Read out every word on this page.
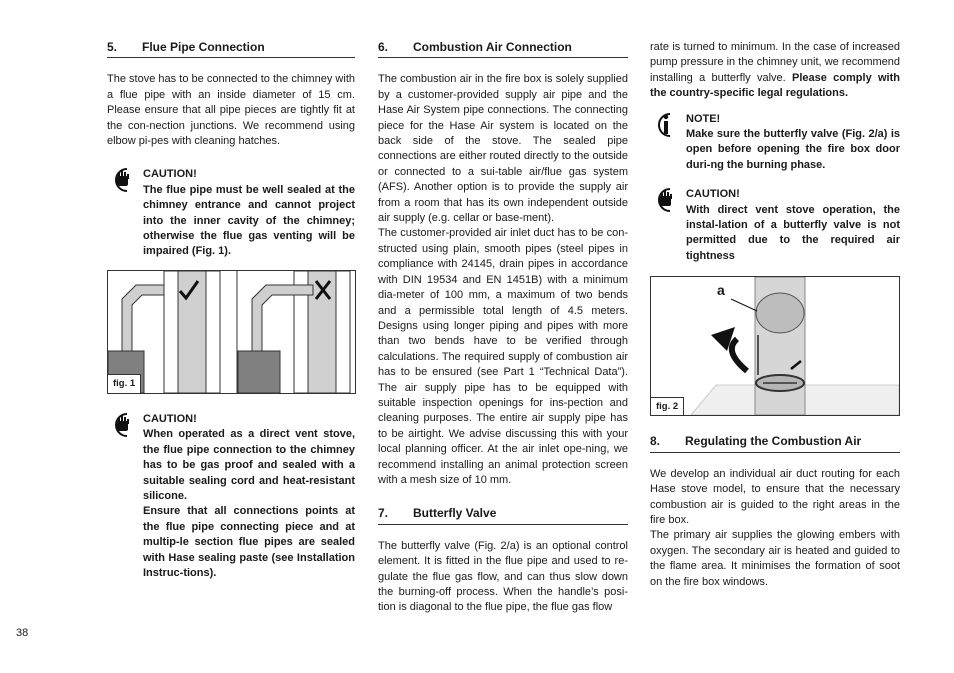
5.	Flue Pipe Connection

The stove has to be connected to the chimney with a flue pipe with an inside diameter of 15 cm. Please ensure that all pipe pieces are tightly fit at the con-nection junctions. We recommend using elbow pi-pes with cleaning hatches.

CAUTION!

The flue pipe must be well sealed at the chimney entrance and cannot project into the inner cavity of the chimney; otherwise the flue gas venting will be impaired (Fig. 1).

fig. 1
CAUTION!

When operated as a direct vent stove, the flue pipe connection to the chimney has to be gas proof and sealed with a suitable sealing cord and heat-resistant silicone.

Ensure that all connections points at the flue pipe connecting piece and at multip-le section flue pipes are sealed with Hase sealing paste (see Installation Instruc-tions).

6.	Combustion Air Connection

The combustion air in the fire box is solely supplied by a customer-provided supply air pipe and the Hase Air System pipe connections. The connecting piece for the Hase Air system is located on the back side of the stove. The sealed pipe connections are either routed directly to the outside or connected to a sui-table air/flue gas system (AFS). Another option is to provide the supply air from a room that has its own independent outside air supply (e.g. cellar or base-ment).

The customer-provided air inlet duct has to be con-structed using plain, smooth pipes (steel pipes in compliance with 24145, drain pipes in accordance with DIN 19534 and EN 1451B) with a minimum dia-meter of 100 mm, a maximum of two bends and a permissible total length of 4.5 meters. Designs using longer piping and pipes with more than two bends have to be verified through calculations. The required supply of combustion air has to be ensured (see Part 1 “Technical Data”). The air supply pipe has to be equipped with suitable inspection openings for ins-pection and cleaning purposes. The entire air supply pipe has to be airtight. We advise discussing this with your local planning officer. At the air inlet ope-ning, we recommend installing an animal protection screen with a mesh size of 10 mm.

7.	Butterfly Valve

The butterfly valve (Fig. 2/a) is an optional control element. It is fitted in the flue pipe and used to re-gulate the flue gas flow, and can thus slow down the burning-off process. When the handle’s posi-tion is diagonal to the flue pipe, the flue gas flow

rate is turned to minimum. In the case of increased pump pressure in the chimney unit, we recommend installing a butterfly valve. Please comply with the country-specific legal regulations.

NOTE!

Make sure the butterfly valve (Fig. 2/a) is open before opening the fire box door duri-ng the burning phase.

CAUTION!

With direct vent stove operation, the instal-lation of a butterfly valve is not permitted due to the required air tightness

a
fig. 2
8.	Regulating the Combustion Air

We develop an individual air duct routing for each Hase stove model, to ensure that the necessary combustion air is guided to the right areas in the fire box.

The primary air supplies the glowing embers with oxygen. The secondary air is heated and guided to the flame area. It minimises the formation of soot on the fire box windows.

38
